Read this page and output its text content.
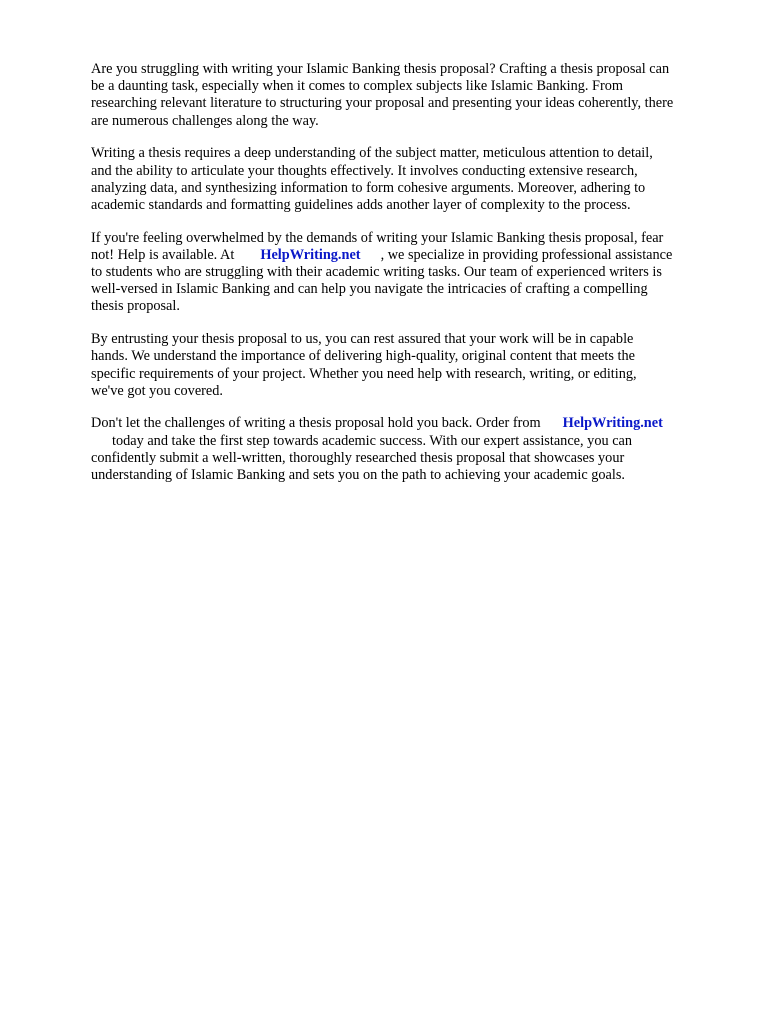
Are you struggling with writing your Islamic Banking thesis proposal? Crafting a thesis proposal can
be a daunting task, especially when it comes to complex subjects like Islamic Banking. From
researching relevant literature to structuring your proposal and presenting your ideas coherently, there
are numerous challenges along the way.

Writing a thesis requires a deep understanding of the subject matter, meticulous attention to detail,
and the ability to articulate your thoughts effectively. It involves conducting extensive research,
analyzing data, and synthesizing information to form cohesive arguments. Moreover, adhering to
academic standards and formatting guidelines adds another layer of complexity to the process.

If you're feeling overwhelmed by the demands of writing your Islamic Banking thesis proposal, fear
not! Help is available. At HelpWriting.net , we specialize in providing professional assistance
to students who are struggling with their academic writing tasks. Our team of experienced writers is
well-versed in Islamic Banking and can help you navigate the intricacies of crafting a compelling
thesis proposal.

By entrusting your thesis proposal to us, you can rest assured that your work will be in capable
hands. We understand the importance of delivering high-quality, original content that meets the
specific requirements of your project. Whether you need help with research, writing, or editing,
we've got you covered.

Don't let the challenges of writing a thesis proposal hold you back. Order from HelpWriting.net
today and take the first step towards academic success. With our expert assistance, you can
confidently submit a well-written, thoroughly researched thesis proposal that showcases your
understanding of Islamic Banking and sets you on the path to achieving your academic goals.
